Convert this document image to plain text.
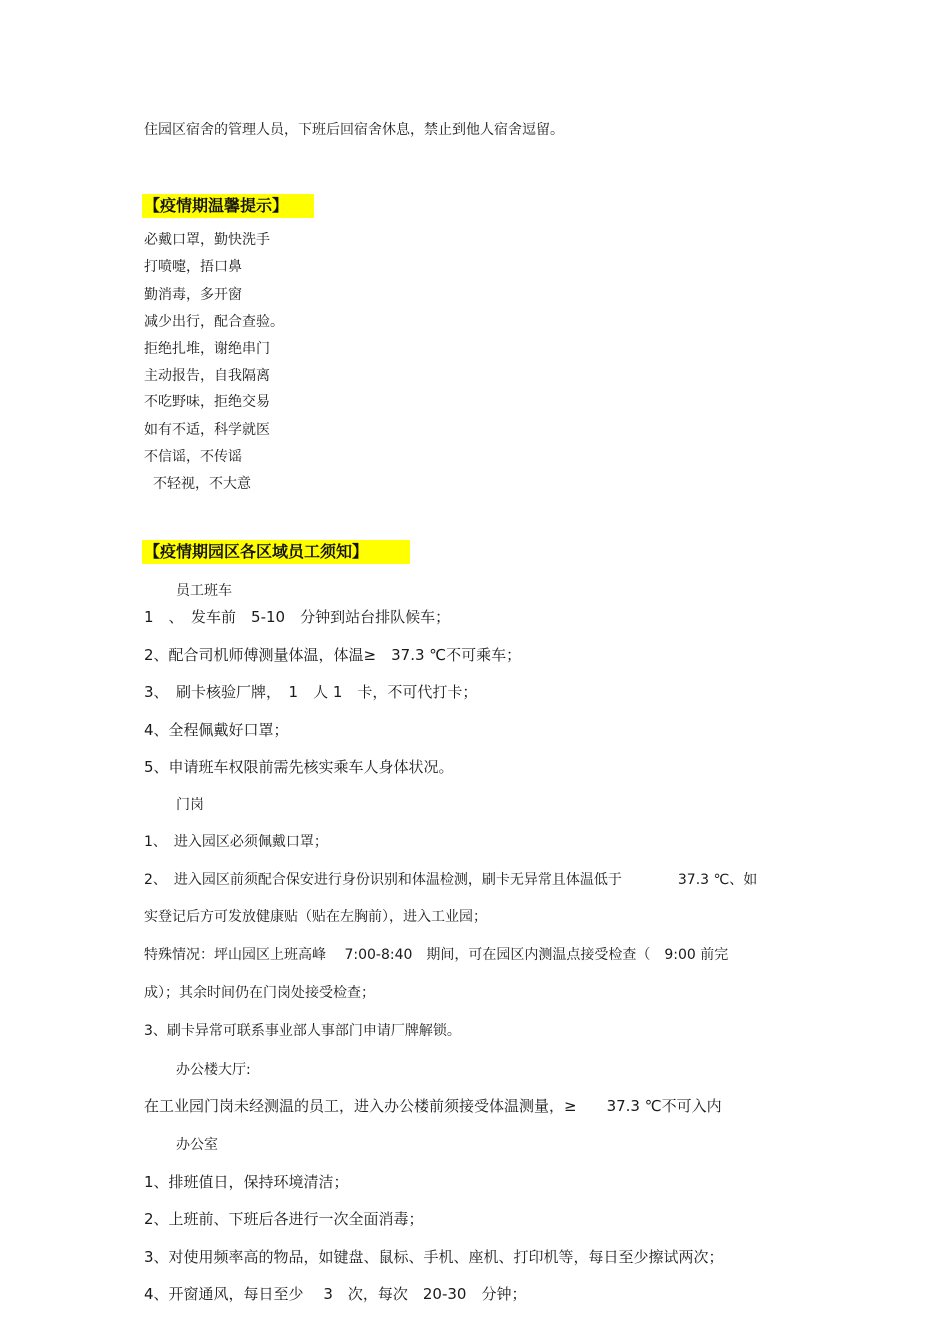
住园区宿舍的管理人员，下班后回宿舍休息，禁止到他人宿舍逗留。
【疫情期温馨提示】
必戴口罩，勤快洗手
打喷嚏，捂口鼻
勤消毒，多开窗
减少出行，配合查验。
拒绝扎堆，谢绝串门
主动报告，自我隔离
不吃野味，拒绝交易
如有不适，科学就医
不信谣，不传谣
不轻视，不大意
【疫情期园区各区域员工须知】
员工班车
1　、　发车前　5-10　分钟到站台排队候车；
2、配合司机师傅测量体温，体温≥　37.3 ℃不可乘车；
3、　刷卡核验厂牌，　1　人 1　卡，不可代打卡；
4、全程佩戴好口罩；
5、申请班车权限前需先核实乘车人身体状况。
门岗
1、　进入园区必须佩戴口罩；
2、　进入园区前须配合保安进行身份识别和体温检测，刷卡无异常且体温低于　　　　37.3 ℃、如
实登记后方可发放健康贴（贴在左胸前），进入工业园；
特殊情况：坪山园区上班高峰　 7:00-8:40　期间，可在园区内测温点接受检查（　9:00 前完
成）；其余时间仍在门岗处接受检查；
3、刷卡异常可联系事业部人事部门申请厂牌解锁。
办公楼大厅:
在工业园门岗未经测温的员工，进入办公楼前须接受体温测量，≥　　37.3 ℃不可入内
办公室
1、排班值日，保持环境清洁；
2、上班前、下班后各进行一次全面消毒；
3、对使用频率高的物品，如键盘、鼠标、手机、座机、打印机等，每日至少擦试两次；
4、开窗通风，每日至少　 3　次，每次　20-30　分钟；
